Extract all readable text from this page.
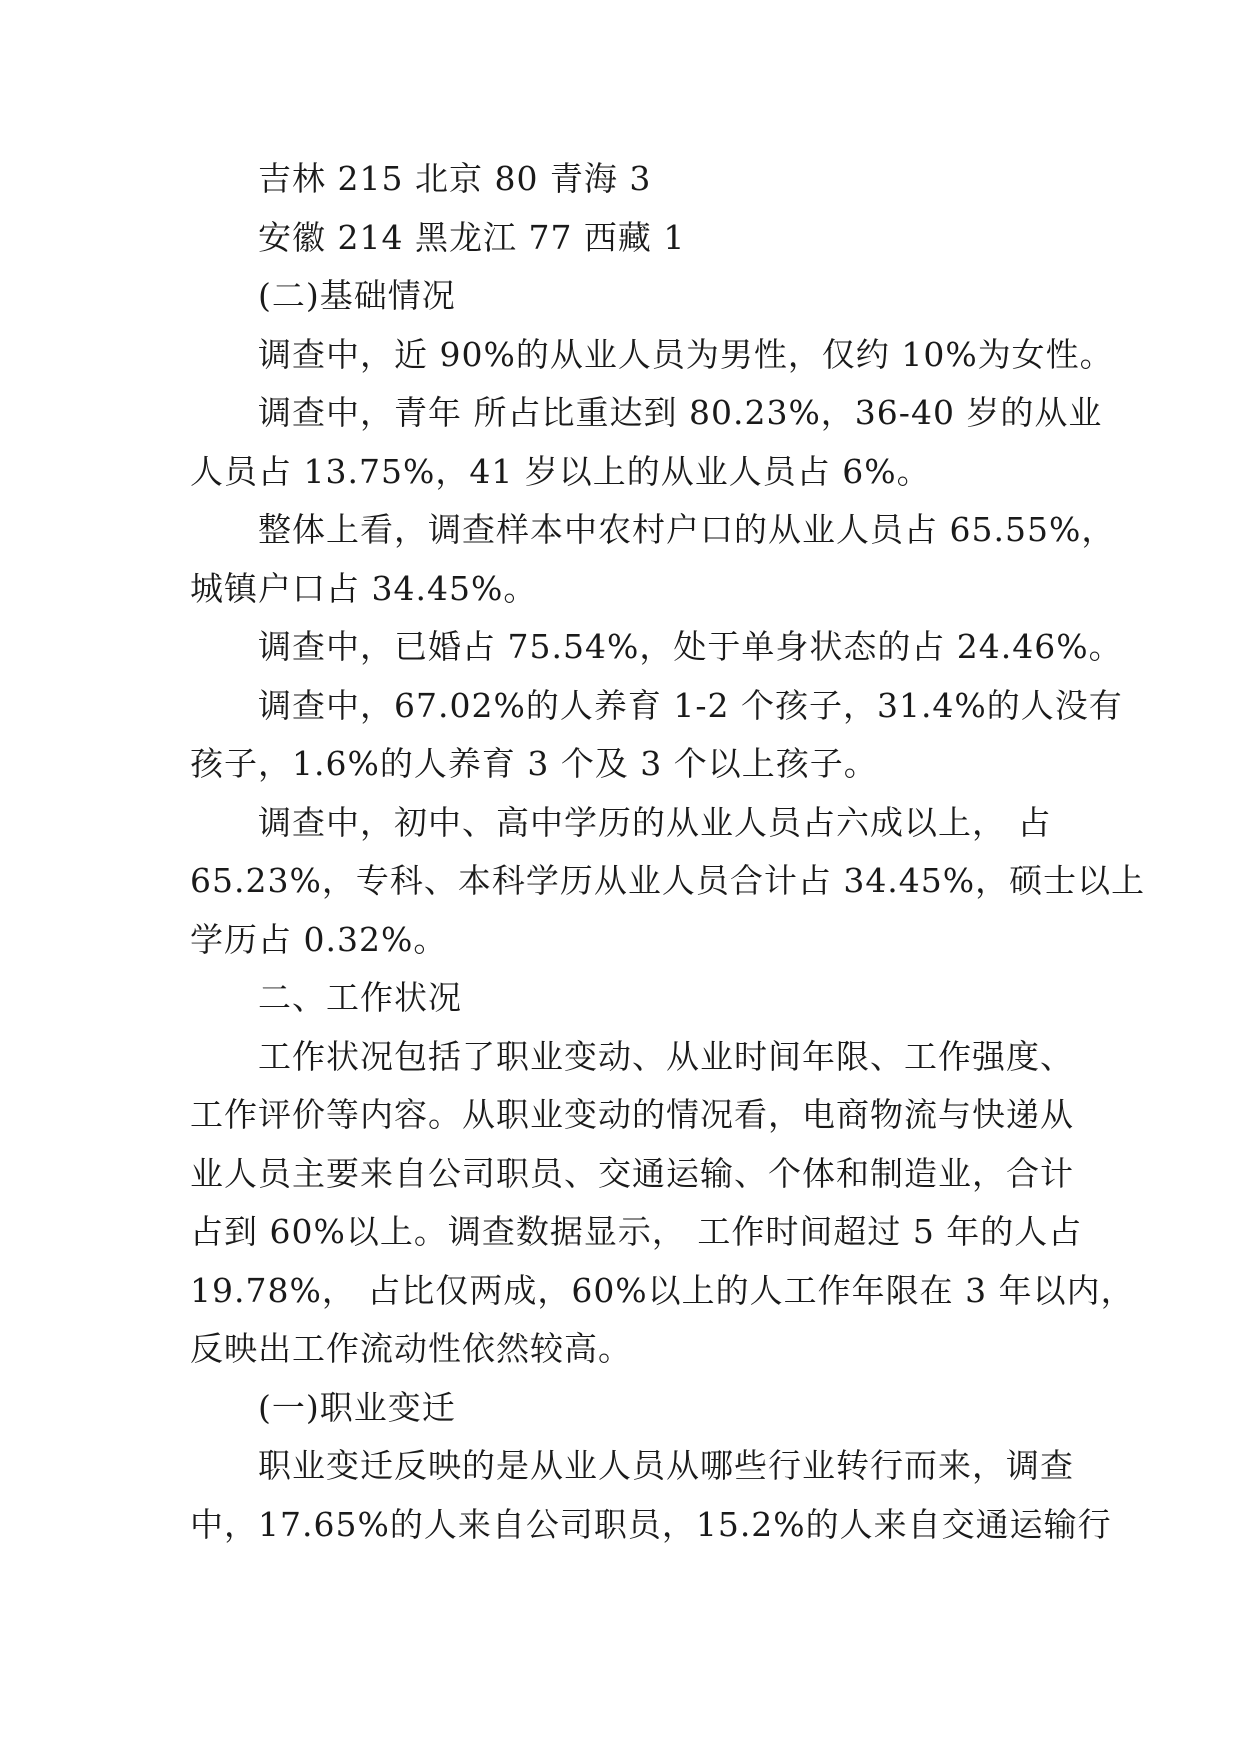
吉林 215 北京 80 青海 3
安徽 214 黑龙江 77 西藏 1
(二)基础情况
调查中，近 90%的从业人员为男性，仅约 10%为女性。
调查中，青年 所占比重达到 80.23%，36-40 岁的从业
人员占 13.75%，41 岁以上的从业人员占 6%。
整体上看，调查样本中农村户口的从业人员占 65.55%，
城镇户口占 34.45%。
调查中，已婚占 75.54%，处于单身状态的占 24.46%。
调查中，67.02%的人养育 1-2 个孩子，31.4%的人没有
孩子，1.6%的人养育 3 个及 3 个以上孩子。
调查中，初中、高中学历的从业人员占六成以上， 占
65.23%，专科、本科学历从业人员合计占 34.45%，硕士以上
学历占 0.32%。
二、工作状况
工作状况包括了职业变动、从业时间年限、工作强度、
工作评价等内容。从职业变动的情况看，电商物流与快递从
业人员主要来自公司职员、交通运输、个体和制造业，合计
占到 60%以上。调查数据显示， 工作时间超过 5 年的人占
19.78%， 占比仅两成，60%以上的人工作年限在 3 年以内，
反映出工作流动性依然较高。
(一)职业变迁
职业变迁反映的是从业人员从哪些行业转行而来，调查
中，17.65%的人来自公司职员，15.2%的人来自交通运输行
